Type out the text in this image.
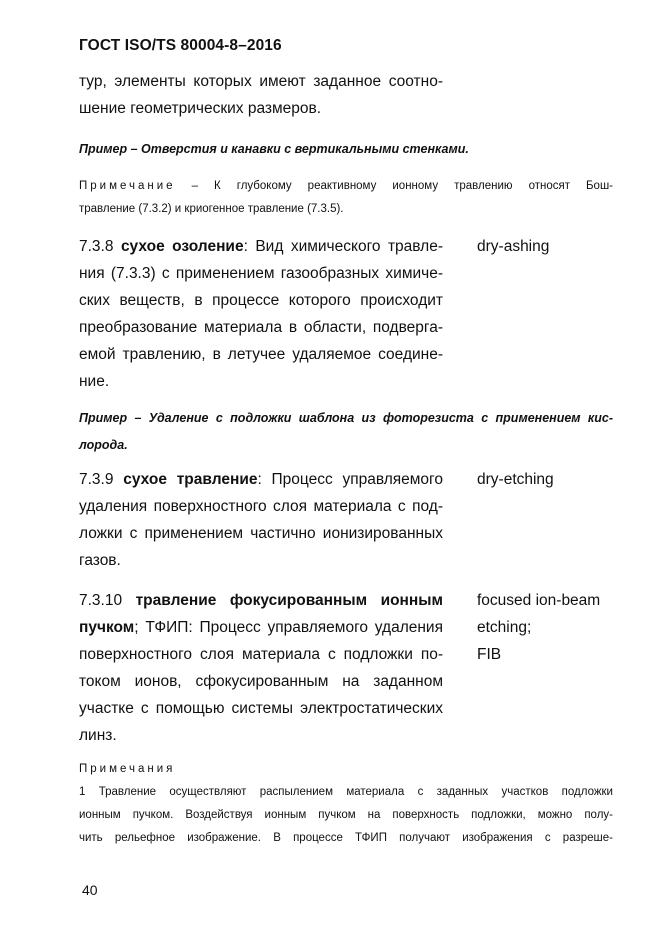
ГОСТ ISO/TS 80004-8–2016
тур, элементы которых имеют заданное соотно-
шение геометрических размеров.
Пример – Отверстия и канавки с вертикальными стенками.
Примечание – К глубокому реактивному ионному травлению относят Бош-
травление (7.3.2) и криогенное травление (7.3.5).
7.3.8 сухое озоление: Вид химического травле-
ния (7.3.3) с применением газообразных химиче-
ских веществ, в процессе которого происходит
преобразование материала в области, подверга-
емой травлению, в летучее удаляемое соедине-
ние.
dry-ashing
Пример – Удаление с подложки шаблона из фоторезиста с применением кис-
лорода.
7.3.9 сухое травление: Процесс управляемого
удаления поверхностного слоя материала с под-
ложки с применением частично ионизированных
газов.
dry-etching
7.3.10 травление фокусированным ионным
пучком; ТФИП: Процесс управляемого удаления
поверхностного слоя материала с подложки по-
током ионов, сфокусированным на заданном
участке с помощью системы электростатических
линз.
focused ion-beam
etching;
FIB
Примечания
1 Травление осуществляют распылением материала с заданных участков подложки
ионным пучком. Воздействуя ионным пучком на поверхность подложки, можно полу-
чить рельефное изображение. В процессе ТФИП получают изображения с разреше-
40
